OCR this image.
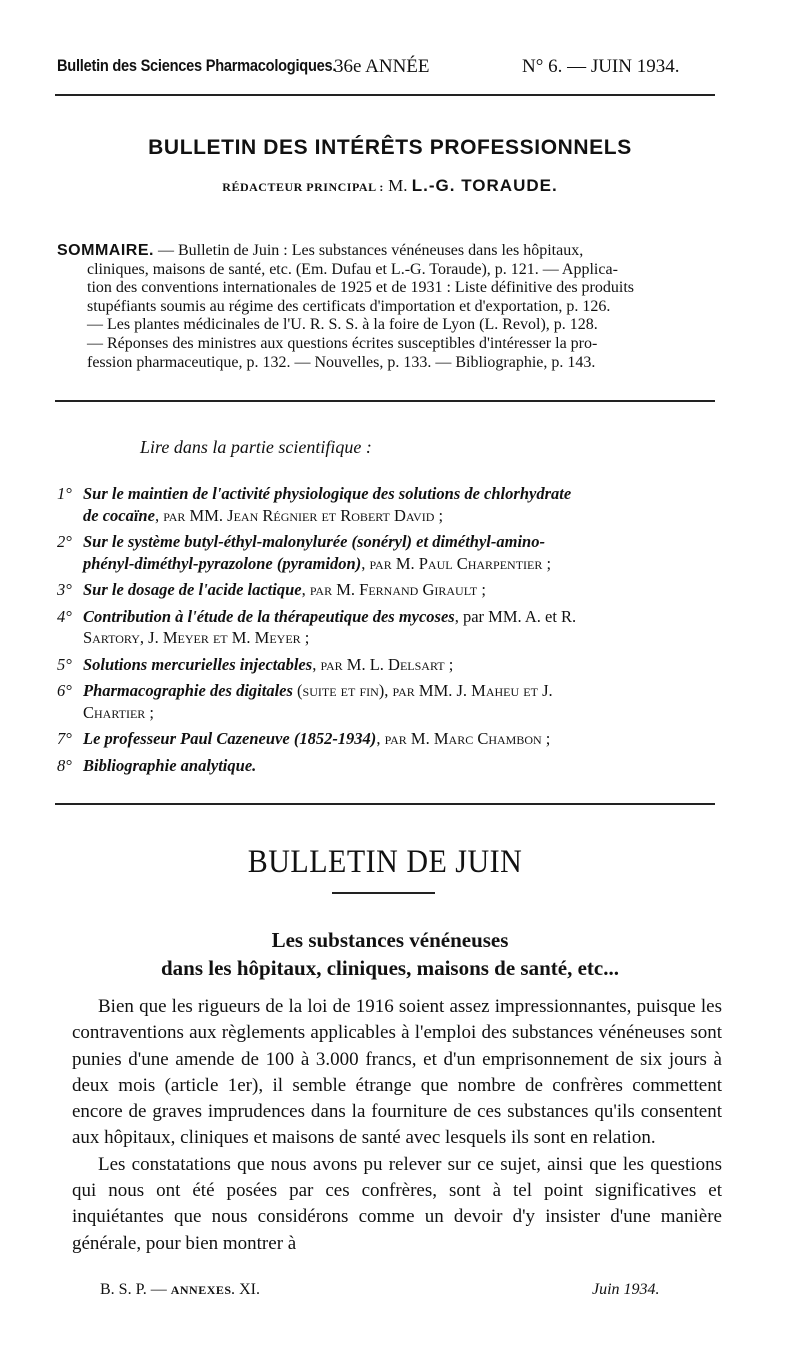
Bulletin des Sciences Pharmacologiques.
36e ANNÉE	N° 6. — JUIN 1934.
BULLETIN DES INTÉRÊTS PROFESSIONNELS
RÉDACTEUR PRINCIPAL : M. L.-G. TORAUDE.
SOMMAIRE. — Bulletin de Juin : Les substances vénéneuses dans les hôpitaux,
cliniques, maisons de santé, etc. (Em. Dufau et L.-G. Toraude), p. 121. — Applica-
tion des conventions internationales de 1925 et de 1931 : Liste définitive des produits
stupéfiants soumis au régime des certificats d'importation et d'exportation, p. 126.
— Les plantes médicinales de l'U. R. S. S. à la foire de Lyon (L. Revol), p. 128.
— Réponses des ministres aux questions écrites susceptibles d'intéresser la pro-
fession pharmaceutique, p. 132. — Nouvelles, p. 133. — Bibliographie, p. 143.
Lire dans la partie scientifique :
1° Sur le maintien de l'activité physiologique des solutions de chlorhydrate
de cocaïne, par MM. Jean Régnier et Robert David ;
2° Sur le système butyl-éthyl-malonylurée (sonéryl) et diméthyl-amino-
phényl-diméthyl-pyrazolone (pyramidon), par M. Paul Charpentier ;
3° Sur le dosage de l'acide lactique, par M. Fernand Girault ;
4° Contribution à l'étude de la thérapeutique des mycoses, par MM. A. et R.
Sartory, J. Meyer et M. Meyer ;
5° Solutions mercurielles injectables, par M. L. Delsart ;
6° Pharmacographie des digitales (suite et fin), par MM. J. Maheu et J.
Chartier ;
7° Le professeur Paul Cazeneuve (1852-1934), par M. Marc Chambon ;
8° Bibliographie analytique.
BULLETIN DE JUIN
Les substances vénéneuses
dans les hôpitaux, cliniques, maisons de santé, etc...

Bien que les rigueurs de la loi de 1916 soient assez impressionnantes, puisque les contraventions aux règlements applicables à l'emploi des substances vénéneuses sont punies d'une amende de 100 à 3.000 francs, et d'un emprisonnement de six jours à deux mois (article 1er), il semble étrange que nombre de confrères commettent encore de graves imprudences dans la fourniture de ces substances qu'ils consentent aux hôpitaux, cliniques et maisons de santé avec lesquels ils sont en relation.

Les constatations que nous avons pu relever sur ce sujet, ainsi que les questions qui nous ont été posées par ces confrères, sont à tel point significatives et inquiétantes que nous considérons comme un devoir d'y insister d'une manière générale, pour bien montrer à

B. S. P. — ANNEXES. XI.	Juin 1934.
